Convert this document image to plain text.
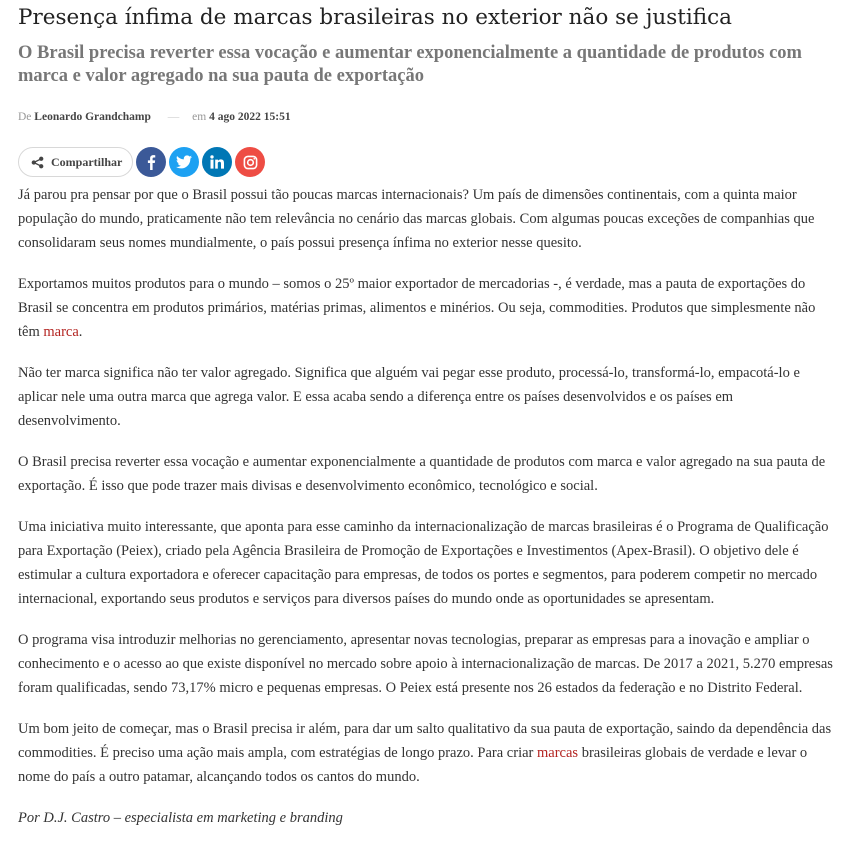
Presença ínfima de marcas brasileiras no exterior não se justifica
O Brasil precisa reverter essa vocação e aumentar exponencialmente a quantidade de produtos com marca e valor agregado na sua pauta de exportação
De Leonardo Grandchamp — em 4 ago 2022 15:51
Compartilhar

Já parou pra pensar por que o Brasil possui tão poucas marcas internacionais? Um país de dimensões continentais, com a quinta maior população do mundo, praticamente não tem relevância no cenário das marcas globais. Com algumas poucas exceções de companhias que consolidaram seus nomes mundialmente, o país possui presença ínfima no exterior nesse quesito.

Exportamos muitos produtos para o mundo – somos o 25º maior exportador de mercadorias -, é verdade, mas a pauta de exportações do Brasil se concentra em produtos primários, matérias primas, alimentos e minérios. Ou seja, commodities. Produtos que simplesmente não têm marca.

Não ter marca significa não ter valor agregado. Significa que alguém vai pegar esse produto, processá-lo, transformá-lo, empacotá-lo e aplicar nele uma outra marca que agrega valor. E essa acaba sendo a diferença entre os países desenvolvidos e os países em desenvolvimento.

O Brasil precisa reverter essa vocação e aumentar exponencialmente a quantidade de produtos com marca e valor agregado na sua pauta de exportação. É isso que pode trazer mais divisas e desenvolvimento econômico, tecnológico e social.

Uma iniciativa muito interessante, que aponta para esse caminho da internacionalização de marcas brasileiras é o Programa de Qualificação para Exportação (Peiex), criado pela Agência Brasileira de Promoção de Exportações e Investimentos (Apex-Brasil). O objetivo dele é estimular a cultura exportadora e oferecer capacitação para empresas, de todos os portes e segmentos, para poderem competir no mercado internacional, exportando seus produtos e serviços para diversos países do mundo onde as oportunidades se apresentam.

O programa visa introduzir melhorias no gerenciamento, apresentar novas tecnologias, preparar as empresas para a inovação e ampliar o conhecimento e o acesso ao que existe disponível no mercado sobre apoio à internacionalização de marcas. De 2017 a 2021, 5.270 empresas foram qualificadas, sendo 73,17% micro e pequenas empresas. O Peiex está presente nos 26 estados da federação e no Distrito Federal.

Um bom jeito de começar, mas o Brasil precisa ir além, para dar um salto qualitativo da sua pauta de exportação, saindo da dependência das commodities. É preciso uma ação mais ampla, com estratégias de longo prazo. Para criar marcas brasileiras globais de verdade e levar o nome do país a outro patamar, alcançando todos os cantos do mundo.

Por D.J. Castro – especialista em marketing e branding
